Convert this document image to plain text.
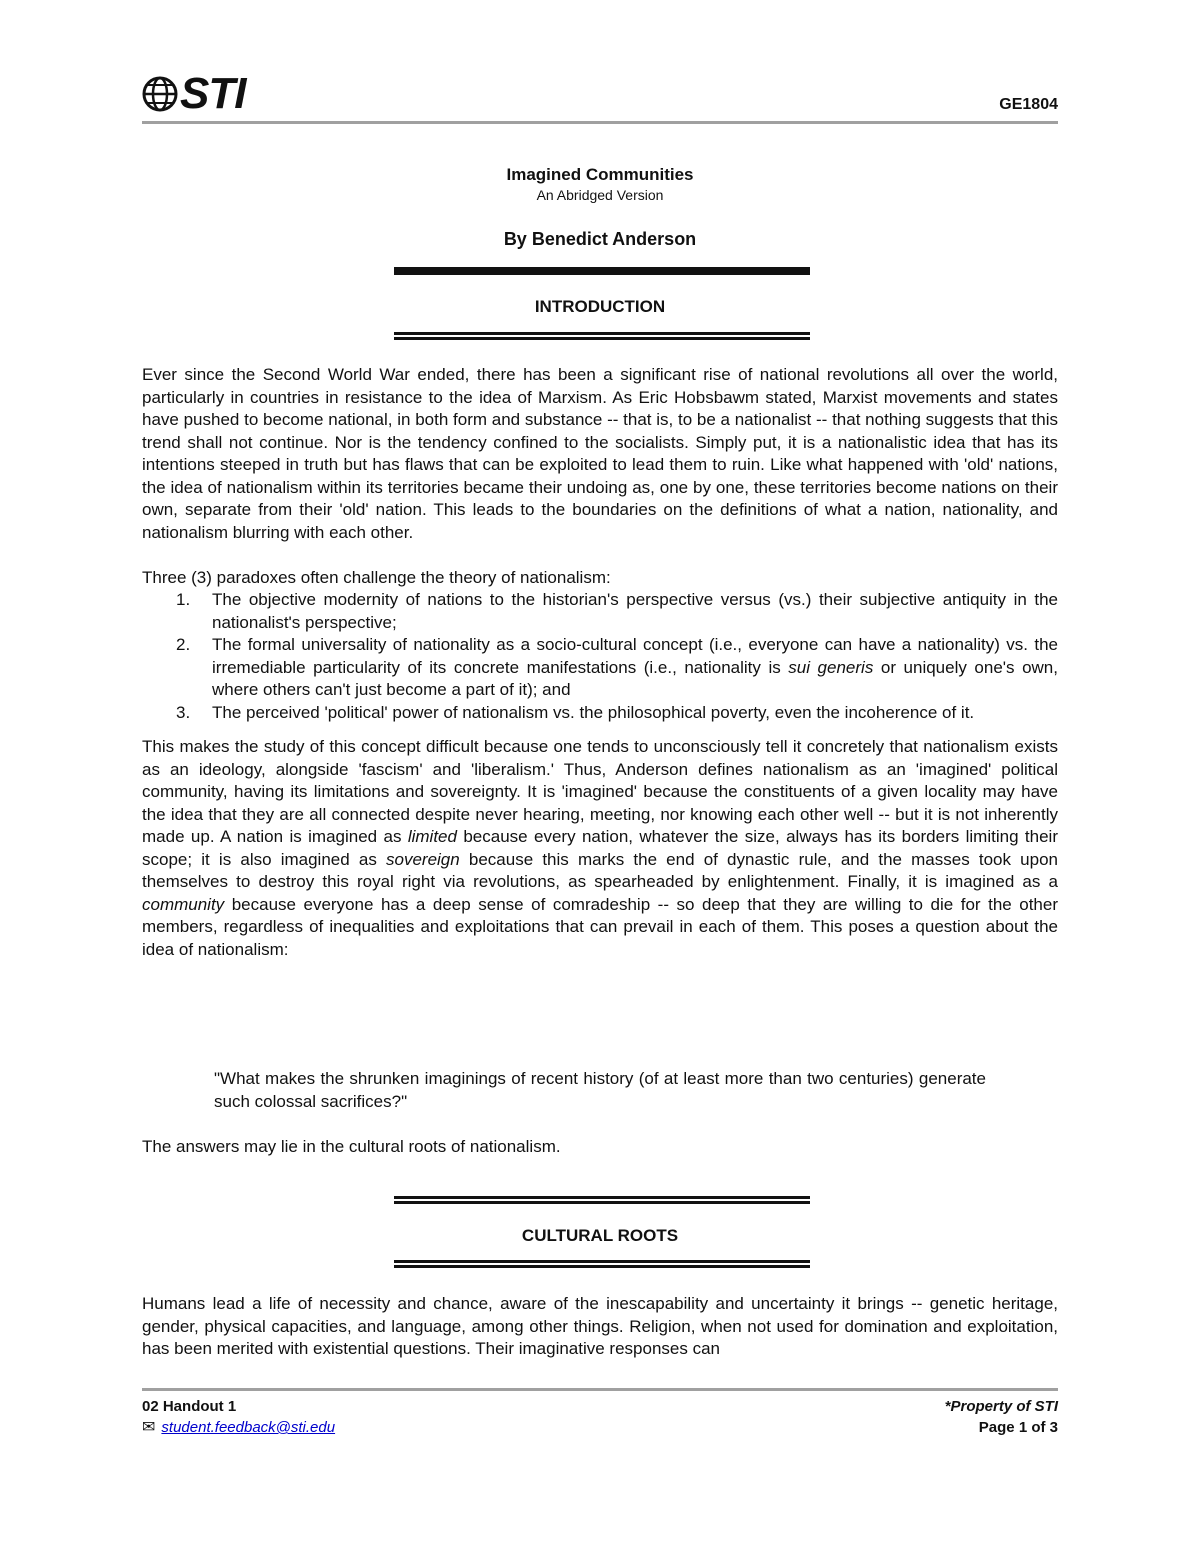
STI	GE1804
Imagined Communities
An Abridged Version
By Benedict Anderson
INTRODUCTION

Ever since the Second World War ended, there has been a significant rise of national revolutions all over the world, particularly in countries in resistance to the idea of Marxism. As Eric Hobsbawm stated, Marxist movements and states have pushed to become national, in both form and substance -- that is, to be a nationalist -- that nothing suggests that this trend shall not continue. Nor is the tendency confined to the socialists. Simply put, it is a nationalistic idea that has its intentions steeped in truth but has flaws that can be exploited to lead them to ruin. Like what happened with 'old' nations, the idea of nationalism within its territories became their undoing as, one by one, these territories become nations on their own, separate from their 'old' nation. This leads to the boundaries on the definitions of what a nation, nationality, and nationalism blurring with each other.

Three (3) paradoxes often challenge the theory of nationalism:

1. The objective modernity of nations to the historian's perspective versus (vs.) their subjective antiquity in the nationalist's perspective;
2. The formal universality of nationality as a socio-cultural concept (i.e., everyone can have a nationality) vs. the irremediable particularity of its concrete manifestations (i.e., nationality is sui generis or uniquely one's own, where others can't just become a part of it); and
3. The perceived 'political' power of nationalism vs. the philosophical poverty, even the incoherence of it.

This makes the study of this concept difficult because one tends to unconsciously tell it concretely that nationalism exists as an ideology, alongside 'fascism' and 'liberalism.' Thus, Anderson defines nationalism as an 'imagined' political community, having its limitations and sovereignty. It is 'imagined' because the constituents of a given locality may have the idea that they are all connected despite never hearing, meeting, nor knowing each other well -- but it is not inherently made up. A nation is imagined as limited because every nation, whatever the size, always has its borders limiting their scope; it is also imagined as sovereign because this marks the end of dynastic rule, and the masses took upon themselves to destroy this royal right via revolutions, as spearheaded by enlightenment. Finally, it is imagined as a community because everyone has a deep sense of comradeship -- so deep that they are willing to die for the other members, regardless of inequalities and exploitations that can prevail in each of them. This poses a question about the idea of nationalism:

"What makes the shrunken imaginings of recent history (of at least more than two centuries) generate such colossal sacrifices?"
The answers may lie in the cultural roots of nationalism.
CULTURAL ROOTS
Humans lead a life of necessity and chance, aware of the inescapability and uncertainty it brings -- genetic heritage, gender, physical capacities, and language, among other things. Religion, when not used for domination and exploitation, has been merited with existential questions. Their imaginative responses can
02 Handout 1
✉ student.feedback@sti.edu
*Property of STI
Page 1 of 3
